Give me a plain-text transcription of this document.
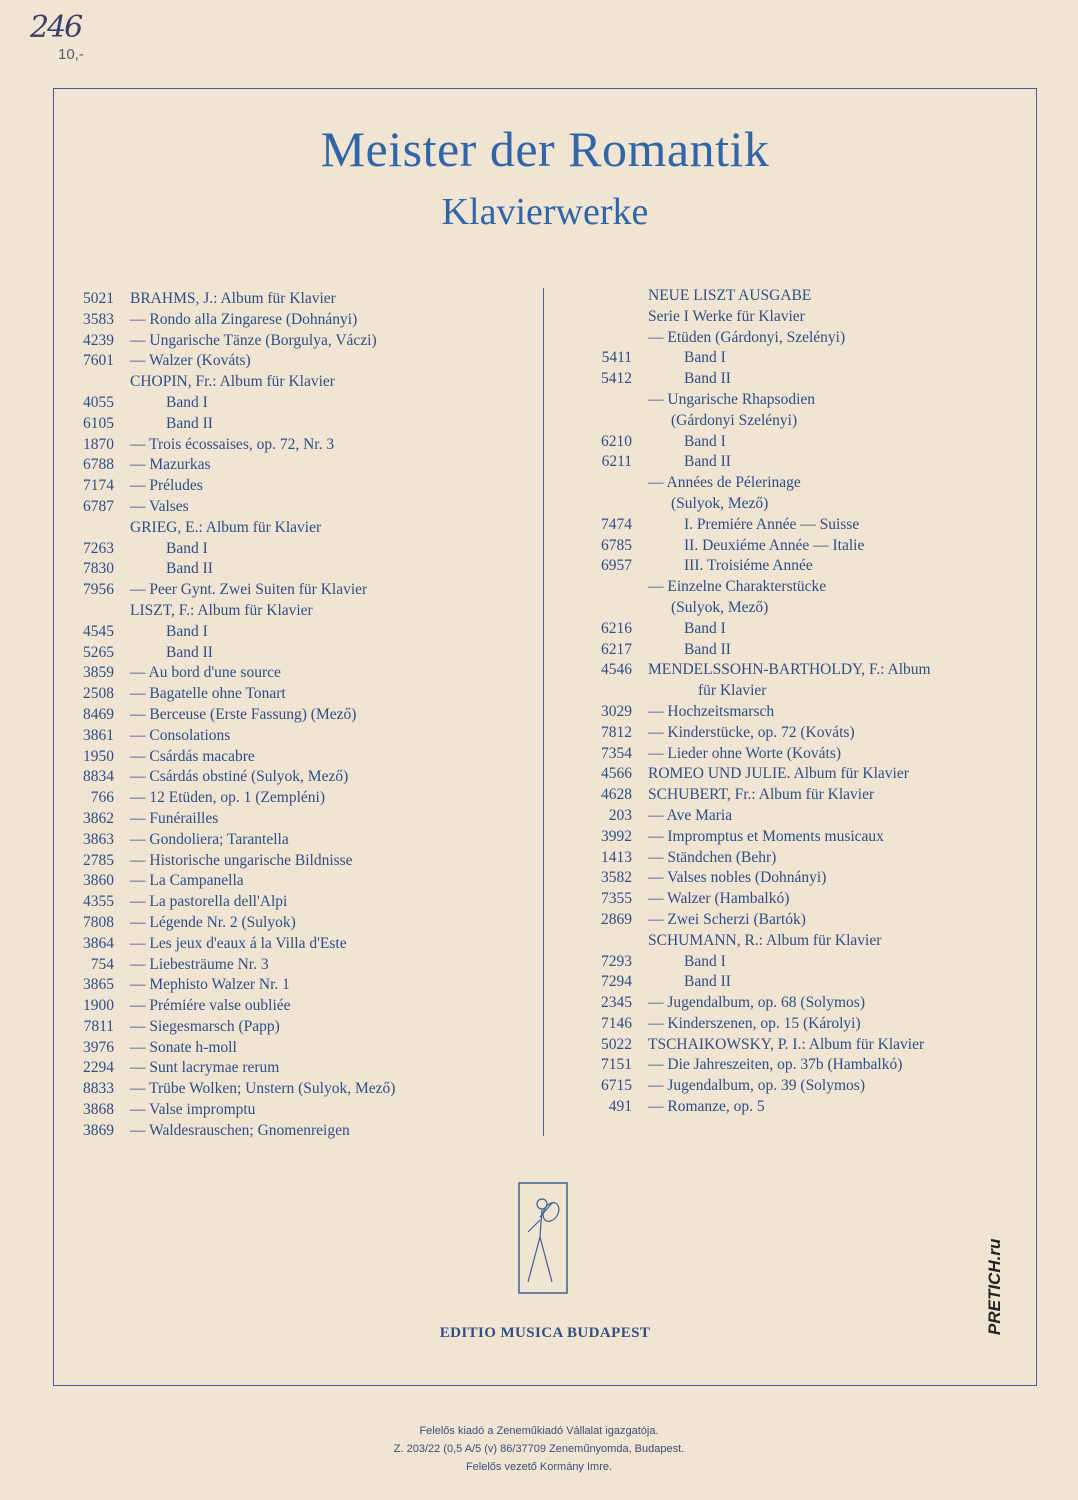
246
10,-
Meister der Romantik
Klavierwerke
5021 BRAHMS, J.: Album für Klavier
3583 — Rondo alla Zingarese (Dohnányi)
4239 — Ungarische Tänze (Borgulya, Váczi)
7601 — Walzer (Kováts)
CHOPIN, Fr.: Album für Klavier
4055	Band I
6105	Band II
1870 — Trois écossaises, op. 72, Nr. 3
6788 — Mazurkas
7174 — Préludes
6787 — Valses
GRIEG, E.: Album für Klavier
7263	Band I
7830	Band II
7956 — Peer Gynt. Zwei Suiten für Klavier
LISZT, F.: Album für Klavier
4545	Band I
5265	Band II
3859 — Au bord d'une source
2508 — Bagatelle ohne Tonart
8469 — Berceuse (Erste Fassung) (Mező)
3861 — Consolations
1950 — Csárdás macabre
8834 — Csárdás obstiné (Sulyok, Mező)
766 — 12 Etüden, op. 1 (Zempléni)
3862 — Funérailles
3863 — Gondoliera; Tarantella
2785 — Historische ungarische Bildnisse
3860 — La Campanella
4355 — La pastorella dell'Alpi
7808 — Légende Nr. 2 (Sulyok)
3864 — Les jeux d'eaux á la Villa d'Este
754 — Liebesträume Nr. 3
3865 — Mephisto Walzer Nr. 1
1900 — Prémiére valse oubliée
7811 — Siegesmarsch (Papp)
3976 — Sonate h-moll
2294 — Sunt lacrymae rerum
8833 — Trübe Wolken; Unstern (Sulyok, Mező)
3868 — Valse impromptu
3869 — Waldesrauschen; Gnomenreigen
NEUE LISZT AUSGABE
Serie I Werke für Klavier
— Etüden (Gárdonyi, Szelényi)
5411	Band I
5412	Band II
— Ungarische Rhapsodien
(Gárdonyi Szelényi)
6210	Band I
6211	Band II
— Années de Pélerinage
(Sulyok, Mező)
7474	I. Premiére Année — Suisse
6785	II. Deuxiéme Année — Italie
6957	III. Troisiéme Année
— Einzelne Charakterstücke
(Sulyok, Mező)
6216	Band I
6217	Band II
4546 MENDELSSOHN-BARTHOLDY, F.: Album
für Klavier
3029 — Hochzeitsmarsch
7812 — Kinderstücke, op. 72 (Kováts)
7354 — Lieder ohne Worte (Kováts)
4566 ROMEO UND JULIE. Album für Klavier
4628 SCHUBERT, Fr.: Album für Klavier
203 — Ave Maria
3992 — Impromptus et Moments musicaux
1413 — Ständchen (Behr)
3582 — Valses nobles (Dohnányi)
7355 — Walzer (Hambalkó)
2869 — Zwei Scherzi (Bartók)
SCHUMANN, R.: Album für Klavier
7293	Band I
7294	Band II
2345 — Jugendalbum, op. 68 (Solymos)
7146 — Kinderszenen, op. 15 (Károlyi)
5022 TSCHAIKOWSKY, P. I.: Album für Klavier
7151 — Die Jahreszeiten, op. 37b (Hambalkó)
6715 — Jugendalbum, op. 39 (Solymos)
491 — Romanze, op. 5
EDITIO MUSICA BUDAPEST	PRETICH.ru
Felelős kiadó a Zeneműkiadó Vállalat igazgatója.
Z. 203/22 (0,5 A/5 (v) 86/37709 Zeneműnyomda, Budapest.
Felelős vezető Kormány Imre.
